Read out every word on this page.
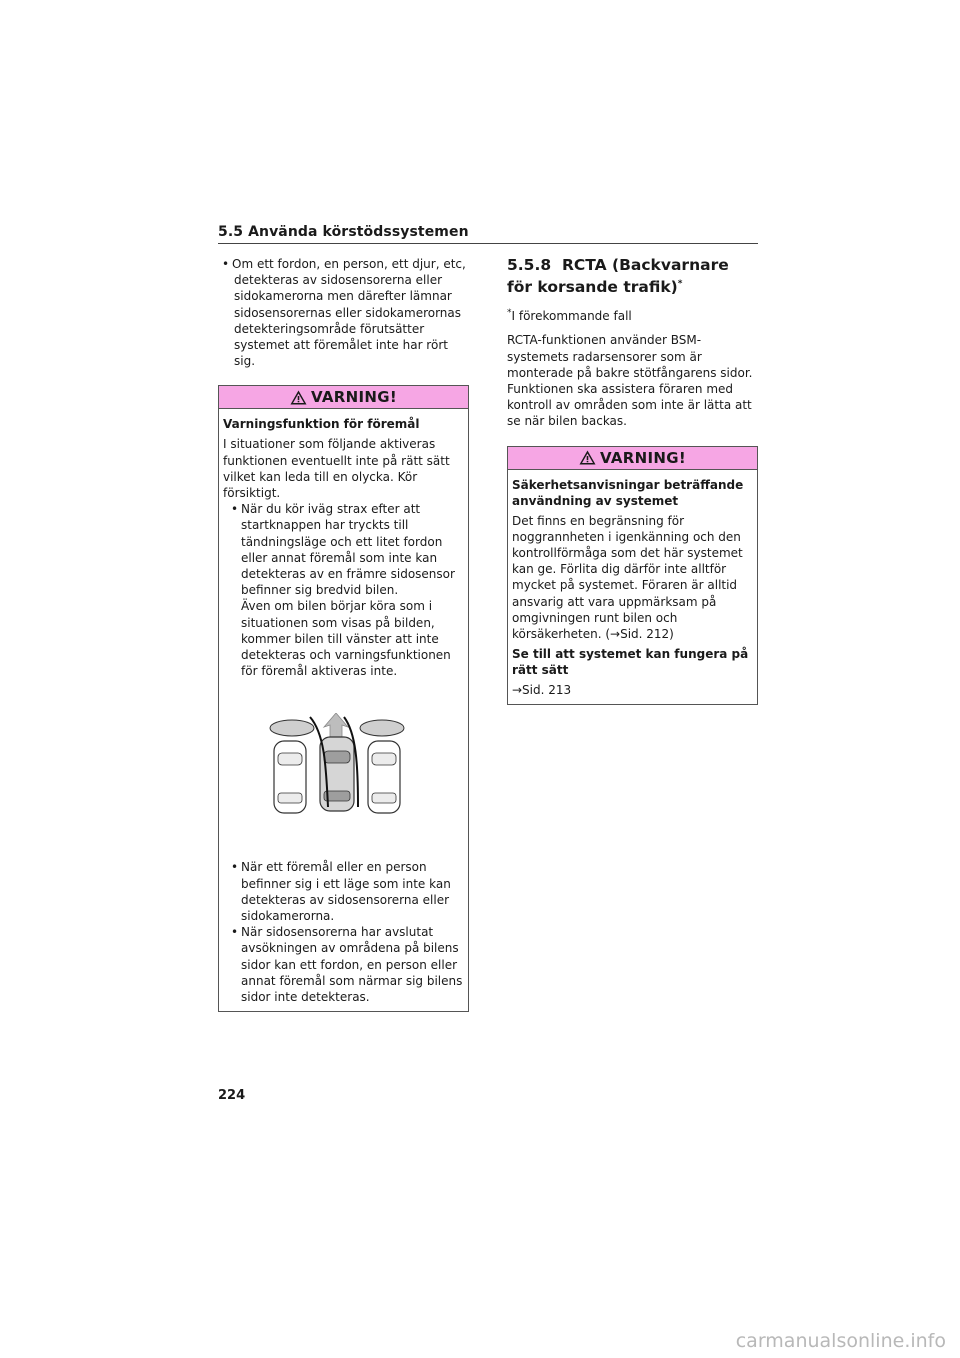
5.5 Använda körstödssystemen
• Om ett fordon, en person, ett djur, etc, detekteras av sidosensorerna eller sidokamerorna men därefter lämnar sidosensorernas eller sidokamerornas detekteringsområde förutsätter systemet att föremålet inte har rört sig.
VARNING!
Varningsfunktion för föremål

I situationer som följande aktiveras funktionen eventuellt inte på rätt sätt vilket kan leda till en olycka. Kör försiktigt.

• När du kör iväg strax efter att startknappen har tryckts till tändningsläge och ett litet fordon eller annat föremål som inte kan detekteras av en främre sidosensor befinner sig bredvid bilen.

Även om bilen börjar köra som i situationen som visas på bilden, kommer bilen till vänster att inte detekteras och varningsfunktionen för föremål aktiveras inte.

• När ett föremål eller en person befinner sig i ett läge som inte kan detekteras av sidosensorerna eller sidokamerorna.
• När sidosensorerna har avslutat avsökningen av områdena på bilens sidor kan ett fordon, en person eller annat föremål som närmar sig bilens sidor inte detekteras.
5.5.8 RCTA (Backvarnare för korsande trafik)*

*I förekommande fall

RCTA-funktionen använder BSM-systemets radarsensorer som är monterade på bakre stötfångarens sidor. Funktionen ska assistera föraren med kontroll av områden som inte är lätta att se när bilen backas.

VARNING!
Säkerhetsanvisningar beträffande användning av systemet

Det finns en begränsning för noggrannheten i igenkänning och den kontrollförmåga som det här systemet kan ge. Förlita dig därför inte alltför mycket på systemet. Föraren är alltid ansvarig att vara uppmärksam på omgivningen runt bilen och körsäkerheten. (→Sid. 212)

Se till att systemet kan fungera på rätt sätt

→Sid. 213

224
carmanualsonline.info
